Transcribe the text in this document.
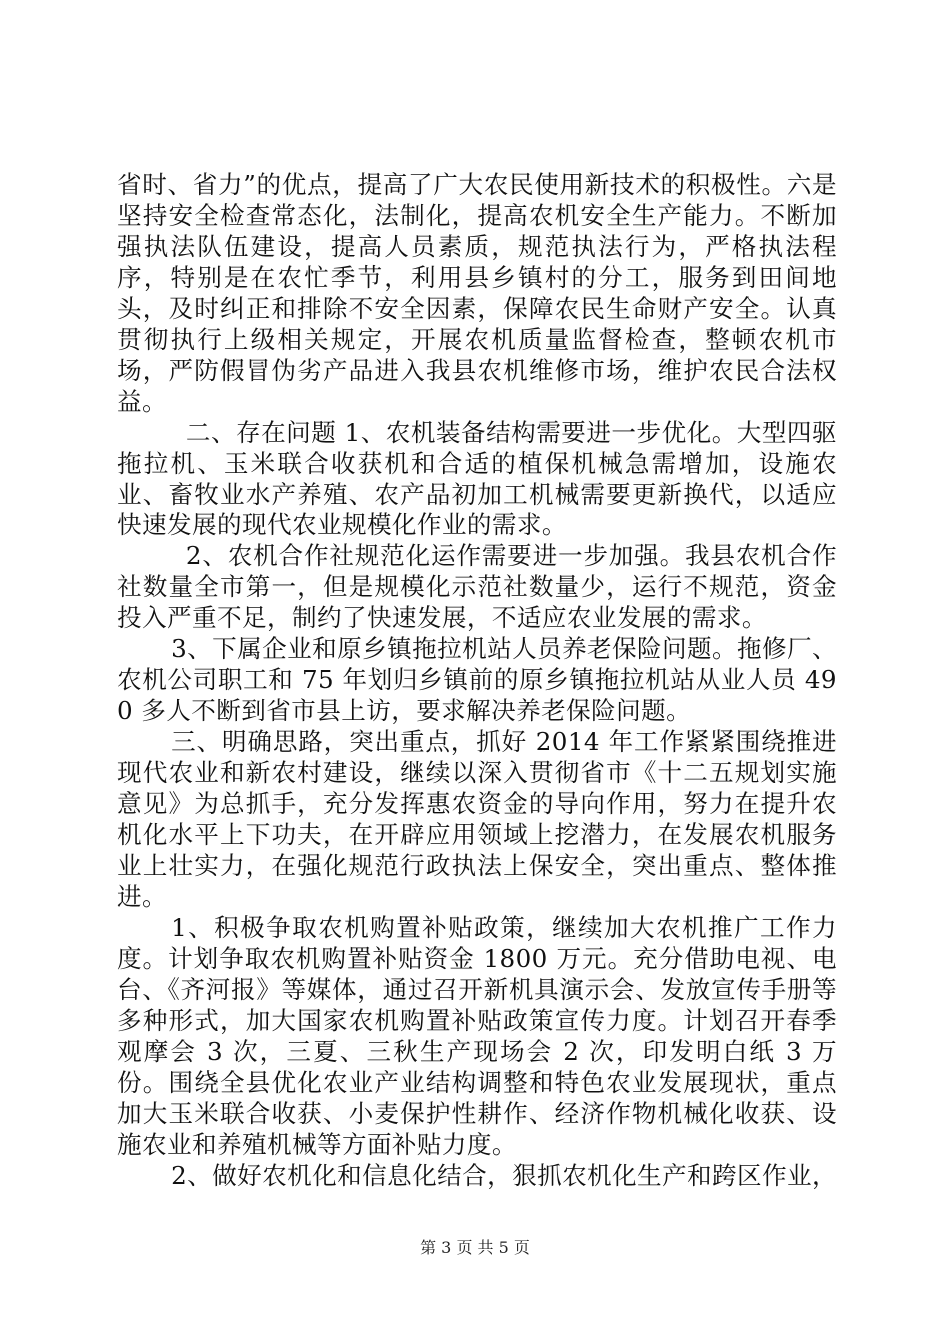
省时、省力”的优点，提高了广大农民使用新技术的积极性。六是坚持安全检查常态化，法制化，提高农机安全生产能力。不断加强执法队伍建设，提高人员素质，规范执法行为，严格执法程序，特别是在农忙季节，利用县乡镇村的分工，服务到田间地头，及时纠正和排除不安全因素，保障农民生命财产安全。认真贯彻执行上级相关规定，开展农机质量监督检查，整顿农机市场，严防假冒伪劣产品进入我县农机维修市场，维护农民合法权益。

二、存在问题 1、农机装备结构需要进一步优化。大型四驱拖拉机、玉米联合收获机和合适的植保机械急需增加，设施农业、畜牧业水产养殖、农产品初加工机械需要更新换代，以适应快速发展的现代农业规模化作业的需求。

2、农机合作社规范化运作需要进一步加强。我县农机合作社数量全市第一，但是规模化示范社数量少，运行不规范，资金投入严重不足，制约了快速发展，不适应农业发展的需求。

3、下属企业和原乡镇拖拉机站人员养老保险问题。拖修厂、农机公司职工和 75 年划归乡镇前的原乡镇拖拉机站从业人员 490 多人不断到省市县上访，要求解决养老保险问题。

三、明确思路，突出重点，抓好 2014 年工作紧紧围绕推进现代农业和新农村建设，继续以深入贯彻省市《十二五规划实施意见》为总抓手，充分发挥惠农资金的导向作用，努力在提升农机化水平上下功夫，在开辟应用领域上挖潜力，在发展农机服务业上壮实力，在强化规范行政执法上保安全，突出重点、整体推进。

1、积极争取农机购置补贴政策，继续加大农机推广工作力度。计划争取农机购置补贴资金 1800 万元。充分借助电视、电台、《齐河报》等媒体，通过召开新机具演示会、发放宣传手册等多种形式，加大国家农机购置补贴政策宣传力度。计划召开春季观摩会 3 次，三夏、三秋生产现场会 2 次，印发明白纸 3 万份。围绕全县优化农业产业结构调整和特色农业发展现状，重点加大玉米联合收获、小麦保护性耕作、经济作物机械化收获、设施农业和养殖机械等方面补贴力度。

2、做好农机化和信息化结合，狠抓农机化生产和跨区作业，

第 3 页 共 5 页
